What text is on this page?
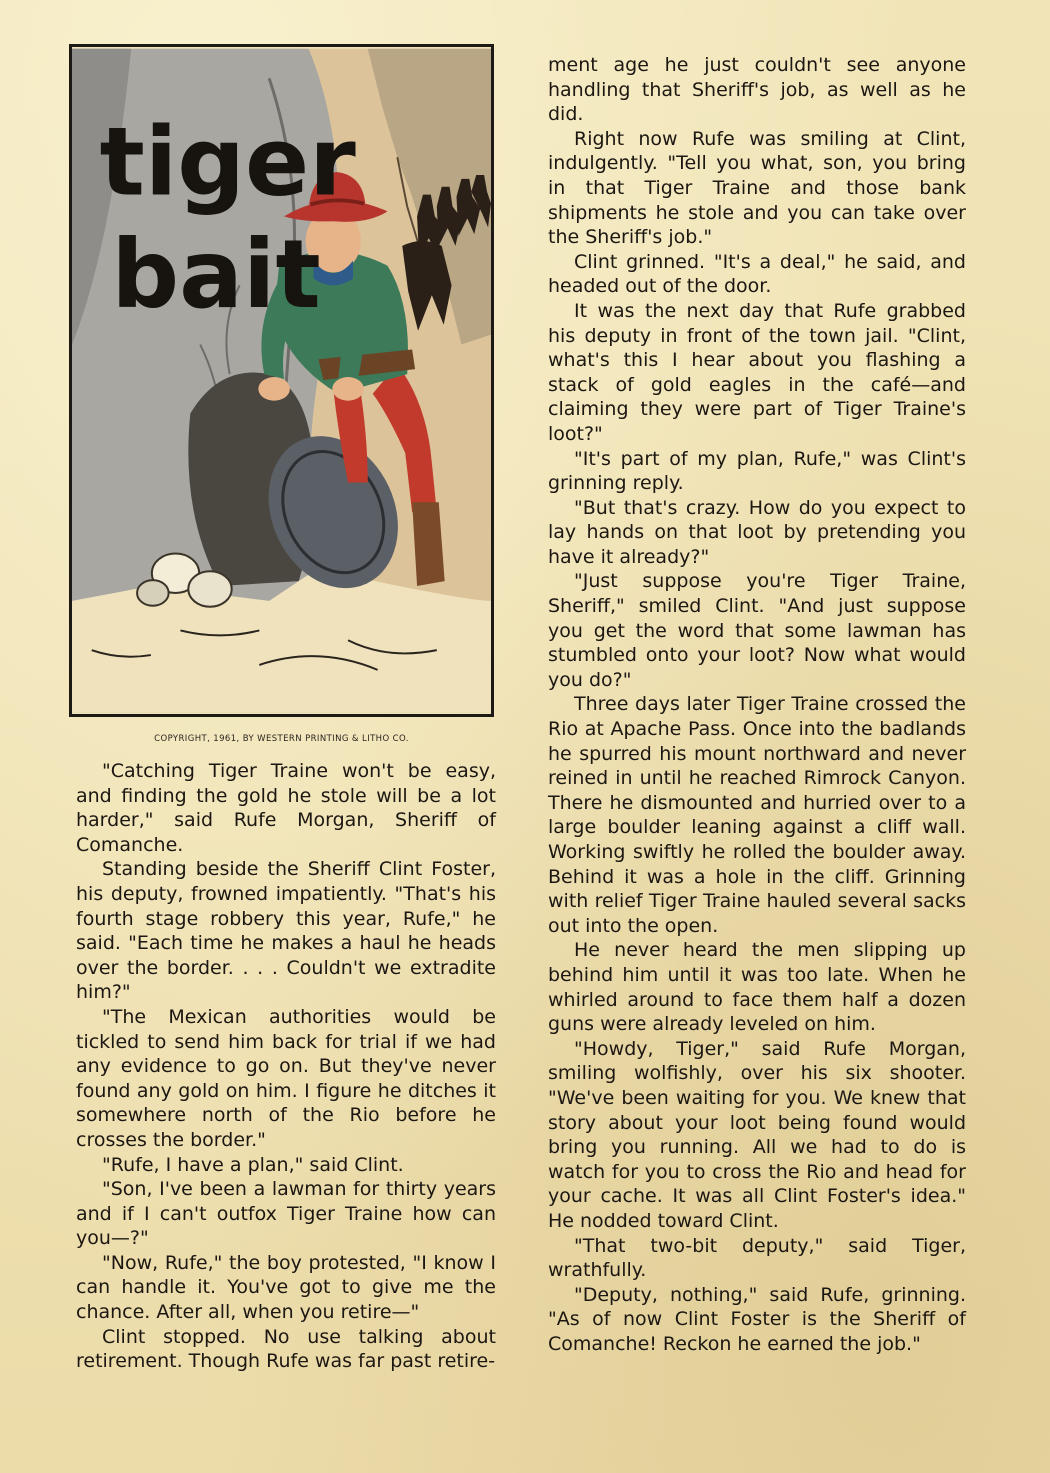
tiger
bait
COPYRIGHT, 1961, BY WESTERN PRINTING & LITHO CO.

"Catching Tiger Traine won't be easy, and finding the gold he stole will be a lot harder," said Rufe Morgan, Sheriff of Comanche.

Standing beside the Sheriff Clint Foster, his deputy, frowned impatiently. "That's his fourth stage robbery this year, Rufe," he said. "Each time he makes a haul he heads over the border. . . . Couldn't we extradite him?"

"The Mexican authorities would be tickled to send him back for trial if we had any evidence to go on. But they've never found any gold on him. I figure he ditches it somewhere north of the Rio before he crosses the border."

"Rufe, I have a plan," said Clint.

"Son, I've been a lawman for thirty years and if I can't outfox Tiger Traine how can you—?"

"Now, Rufe," the boy protested, "I know I can handle it. You've got to give me the chance. After all, when you retire—"

Clint stopped. No use talking about retirement. Though Rufe was far past retire-

ment age he just couldn't see anyone handling that Sheriff's job, as well as he did.

Right now Rufe was smiling at Clint, indulgently. "Tell you what, son, you bring in that Tiger Traine and those bank shipments he stole and you can take over the Sheriff's job."

Clint grinned. "It's a deal," he said, and headed out of the door.

It was the next day that Rufe grabbed his deputy in front of the town jail. "Clint, what's this I hear about you flashing a stack of gold eagles in the café—and claiming they were part of Tiger Traine's loot?"

"It's part of my plan, Rufe," was Clint's grinning reply.

"But that's crazy. How do you expect to lay hands on that loot by pretending you have it already?"

"Just suppose you're Tiger Traine, Sheriff," smiled Clint. "And just suppose you get the word that some lawman has stumbled onto your loot? Now what would you do?"

Three days later Tiger Traine crossed the Rio at Apache Pass. Once into the badlands he spurred his mount northward and never reined in until he reached Rimrock Canyon. There he dismounted and hurried over to a large boulder leaning against a cliff wall. Working swiftly he rolled the boulder away. Behind it was a hole in the cliff. Grinning with relief Tiger Traine hauled several sacks out into the open.

He never heard the men slipping up behind him until it was too late. When he whirled around to face them half a dozen guns were already leveled on him.

"Howdy, Tiger," said Rufe Morgan, smiling wolfishly, over his six shooter. "We've been waiting for you. We knew that story about your loot being found would bring you running. All we had to do is watch for you to cross the Rio and head for your cache. It was all Clint Foster's idea." He nodded toward Clint.

"That two-bit deputy," said Tiger, wrathfully.

"Deputy, nothing," said Rufe, grinning. "As of now Clint Foster is the Sheriff of Comanche! Reckon he earned the job."
